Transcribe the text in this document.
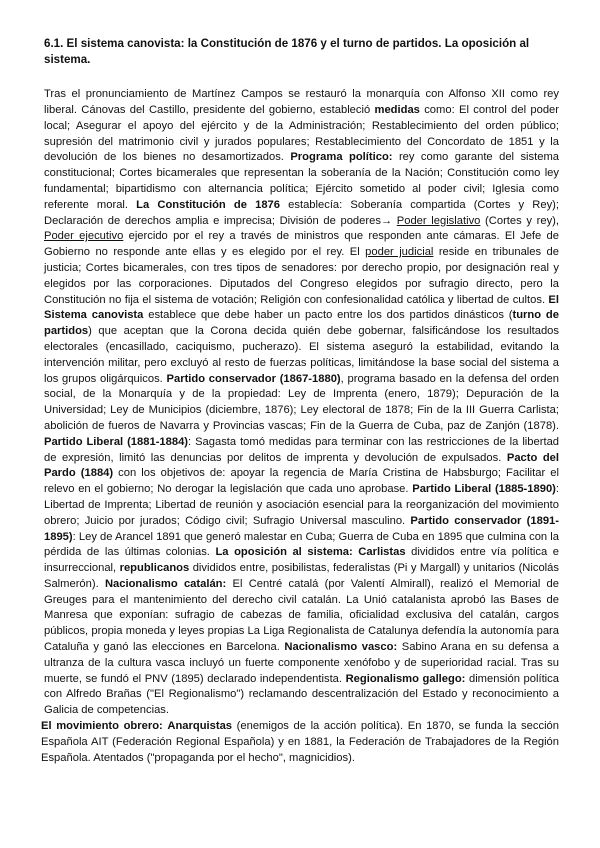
6.1. El sistema canovista: la Constitución de 1876 y el turno de partidos. La oposición al sistema.

Tras el pronunciamiento de Martínez Campos se restauró la monarquía con Alfonso XII como rey liberal. Cánovas del Castillo, presidente del gobierno, estableció medidas como: El control del poder local; Asegurar el apoyo del ejército y de la Administración; Restablecimiento del orden público; supresión del matrimonio civil y jurados populares; Restablecimiento del Concordato de 1851 y la devolución de los bienes no desamortizados. Programa político: rey como garante del sistema constitucional; Cortes bicamerales que representan la soberanía de la Nación; Constitución como ley fundamental; bipartidismo con alternancia política; Ejército sometido al poder civil; Iglesia como referente moral. La Constitución de 1876 establecía: Soberanía compartida (Cortes y Rey); Declaración de derechos amplia e imprecisa; División de poderes→ Poder legislativo (Cortes y rey), Poder ejecutivo ejercido por el rey a través de ministros que responden ante cámaras. El Jefe de Gobierno no responde ante ellas y es elegido por el rey. El poder judicial reside en tribunales de justicia; Cortes bicamerales, con tres tipos de senadores: por derecho propio, por designación real y elegidos por las corporaciones. Diputados del Congreso elegidos por sufragio directo, pero la Constitución no fija el sistema de votación; Religión con confesionalidad católica y libertad de cultos. El Sistema canovista establece que debe haber un pacto entre los dos partidos dinásticos (turno de partidos) que aceptan que la Corona decida quién debe gobernar, falsificándose los resultados electorales (encasillado, caciquismo, pucherazo). El sistema aseguró la estabilidad, evitando la intervención militar, pero excluyó al resto de fuerzas políticas, limitándose la base social del sistema a los grupos oligárquicos. Partido conservador (1867-1880), programa basado en la defensa del orden social, de la Monarquía y de la propiedad: Ley de Imprenta (enero, 1879); Depuración de la Universidad; Ley de Municipios (diciembre, 1876); Ley electoral de 1878; Fin de la III Guerra Carlista; abolición de fueros de Navarra y Provincias vascas; Fin de la Guerra de Cuba, paz de Zanjón (1878). Partido Liberal (1881-1884): Sagasta tomó medidas para terminar con las restricciones de la libertad de expresión, limitó las denuncias por delitos de imprenta y devolución de expulsados. Pacto del Pardo (1884) con los objetivos de: apoyar la regencia de María Cristina de Habsburgo; Facilitar el relevo en el gobierno; No derogar la legislación que cada uno aprobase. Partido Liberal (1885-1890): Libertad de Imprenta; Libertad de reunión y asociación esencial para la reorganización del movimiento obrero; Juicio por jurados; Código civil; Sufragio Universal masculino. Partido conservador (1891- 1895): Ley de Arancel 1891 que generó malestar en Cuba; Guerra de Cuba en 1895 que culmina con la pérdida de las últimas colonias. La oposición al sistema: Carlistas divididos entre vía política e insurreccional, republicanos divididos entre, posibilistas, federalistas (Pi y Margall) y unitarios (Nicolás Salmerón). Nacionalismo catalán: El Centré catalá (por Valentí Almirall), realizó el Memorial de Greuges para el mantenimiento del derecho civil catalán. La Unió catalanista aprobó las Bases de Manresa que exponían: sufragio de cabezas de familia, oficialidad exclusiva del catalán, cargos públicos, propia moneda y leyes propias La Liga Regionalista de Catalunya defendía la autonomía para Cataluña y ganó las elecciones en Barcelona. Nacionalismo vasco: Sabino Arana en su defensa a ultranza de la cultura vasca incluyó un fuerte componente xenófobo y de superioridad racial. Tras su muerte, se fundó el PNV (1895) declarado independentista. Regionalismo gallego: dimensión política con Alfredo Brañas ("El Regionalismo") reclamando descentralización del Estado y reconocimiento a Galicia de competencias.

El movimiento obrero: Anarquistas (enemigos de la acción política). En 1870, se funda la sección Española AIT (Federación Regional Española) y en 1881, la Federación de Trabajadores de la Región Española. Atentados ("propaganda por el hecho", magnicidios).
